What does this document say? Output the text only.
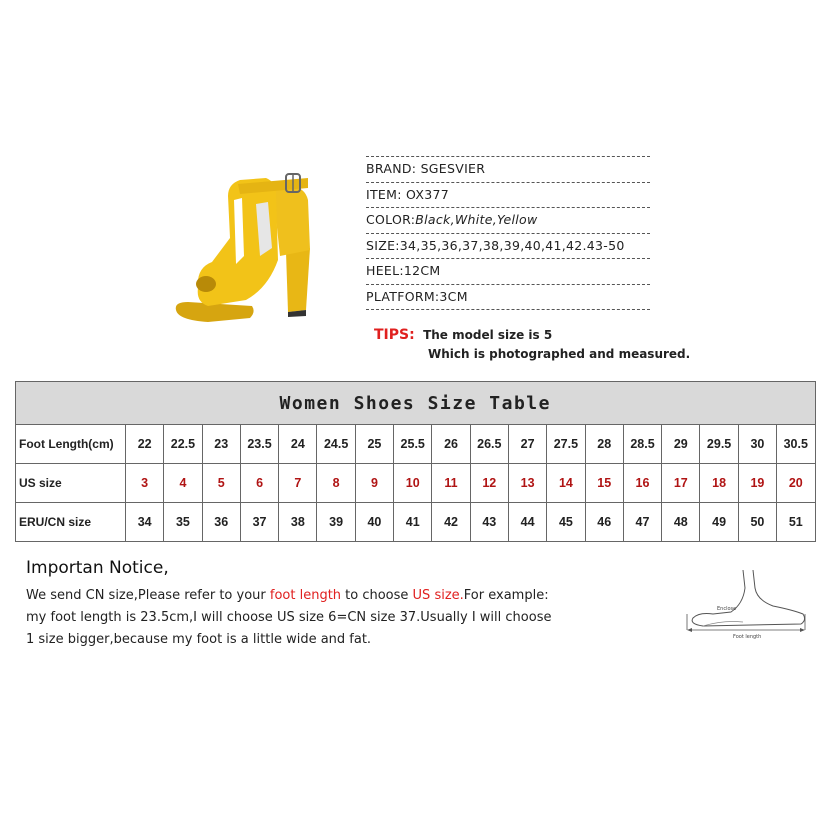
BRAND: SGESVIER
ITEM: OX377
COLOR:Black,White,Yellow
SIZE:34,35,36,37,38,39,40,41,42.43-50
HEEL:12CM
PLATFORM:3CM
TIPS: The model size is 5
Which is photographed and measured.
Women Shoes Size Table																		
Foot Length(cm)	22	22.5	23	23.5	24	24.5	25	25.5	26	26.5	27	27.5	28	28.5	29	29.5	30	30.5
US size	3	4	5	6	7	8	9	10	11	12	13	14	15	16	17	18	19	20
ERU/CN size	34	35	36	37	38	39	40	41	42	43	44	45	46	47	48	49	50	51
Importan Notice,
We send CN size,Please refer to your foot length to choose US size.For example:
my foot length is 23.5cm,I will choose US size 6=CN size 37.Usually I will choose
1 size bigger,because my foot is a little wide and fat.
Enclose
Foot length
